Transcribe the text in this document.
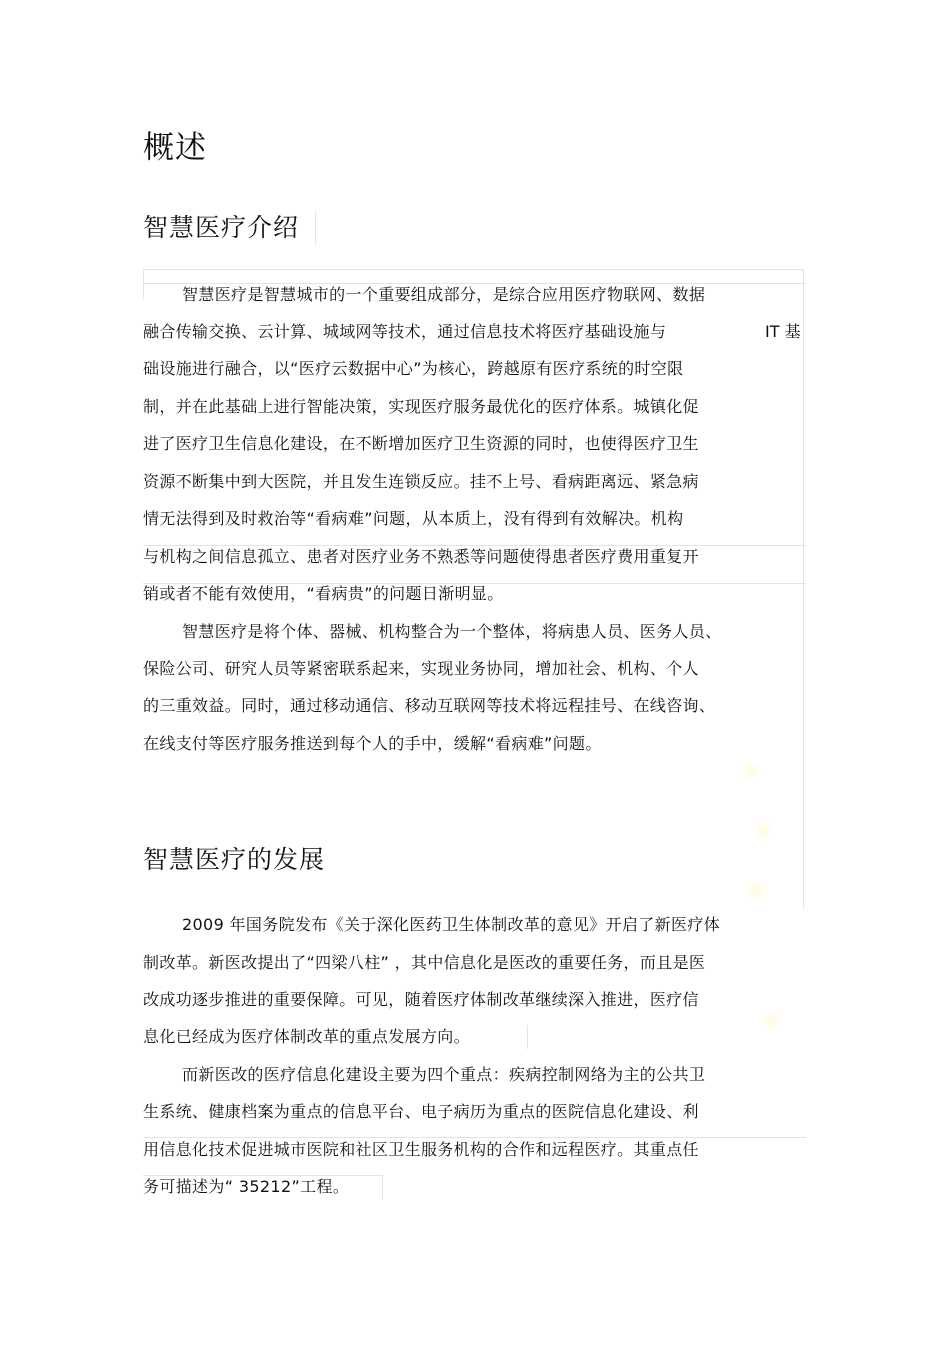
概述
智慧医疗介绍
智慧医疗是智慧城市的一个重要组成部分，是综合应用医疗物联网、数据
融合传输交换、云计算、城域网等技术，通过信息技术将医疗基础设施与	IT 基
础设施进行融合，以“医疗云数据中心”为核心，跨越原有医疗系统的时空限
制，并在此基础上进行智能决策，实现医疗服务最优化的医疗体系。城镇化促
进了医疗卫生信息化建设，在不断增加医疗卫生资源的同时，也使得医疗卫生
资源不断集中到大医院，并且发生连锁反应。挂不上号、看病距离远、紧急病
情无法得到及时救治等“看病难”问题，从本质上，没有得到有效解决。机构
与机构之间信息孤立、患者对医疗业务不熟悉等问题使得患者医疗费用重复开
销或者不能有效使用，“看病贵”的问题日渐明显。
智慧医疗是将个体、器械、机构整合为一个整体，将病患人员、医务人员、
保险公司、研究人员等紧密联系起来，实现业务协同，增加社会、机构、个人
的三重效益。同时，通过移动通信、移动互联网等技术将远程挂号、在线咨询、
在线支付等医疗服务推送到每个人的手中，缓解“看病难”问题。
智慧医疗的发展
2009 年国务院发布《关于深化医药卫生体制改革的意见》开启了新医疗体
制改革。新医改提出了“四梁八柱” ，其中信息化是医改的重要任务，而且是医
改成功逐步推进的重要保障。可见，随着医疗体制改革继续深入推进，医疗信
息化已经成为医疗体制改革的重点发展方向。
而新医改的医疗信息化建设主要为四个重点：疾病控制网络为主的公共卫
生系统、健康档案为重点的信息平台、电子病历为重点的医院信息化建设、利
用信息化技术促进城市医院和社区卫生服务机构的合作和远程医疗。其重点任
务可描述为“ 35212”工程。
